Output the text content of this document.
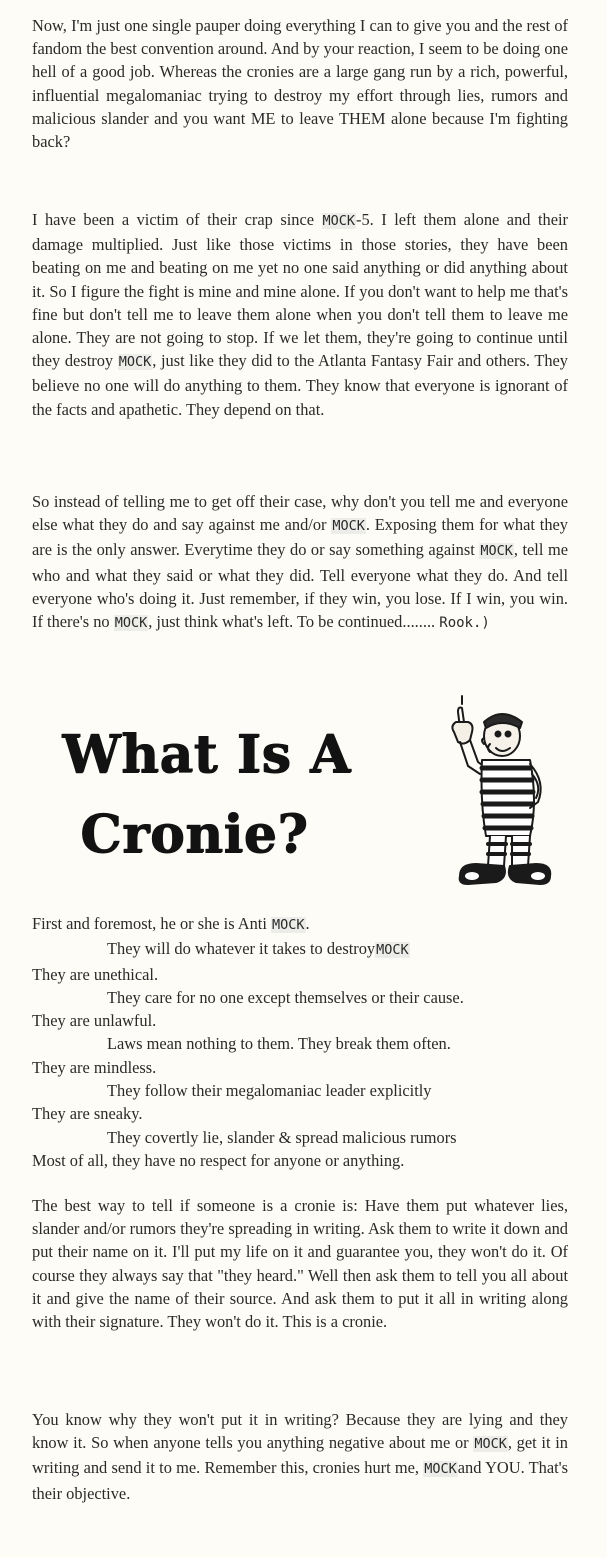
Now, I'm just one single pauper doing everything I can to give you and the rest of fandom the best convention around. And by your reaction, I seem to be doing one hell of a good job. Whereas the cronies are a large gang run by a rich, powerful, influential megalomaniac trying to destroy my effort through lies, rumors and malicious slander and you want ME to leave THEM alone because I'm fighting back?

I have been a victim of their crap since MOCK-5. I left them alone and their damage multiplied. Just like those victims in those stories, they have been beating on me and beating on me yet no one said anything or did anything about it. So I figure the fight is mine and mine alone. If you don't want to help me that's fine but don't tell me to leave them alone when you don't tell them to leave me alone. They are not going to stop. If we let them, they're going to continue until they destroy MOCK, just like they did to the Atlanta Fantasy Fair and others. They believe no one will do anything to them. They know that everyone is ignorant of the facts and apathetic. They depend on that.

So instead of telling me to get off their case, why don't you tell me and everyone else what they do and say against me and/or MOCK. Exposing them for what they are is the only answer. Everytime they do or say something against MOCK, tell me who and what they said or what they did. Tell everyone what they do. And tell everyone who's doing it. Just remember, if they win, you lose. If I win, you win. If there's no MOCK, just think what's left. To be continued........ Rook.)

What Is A
Cronie?
First and foremost, he or she is Anti MOCK.
They will do whatever it takes to destroyMOCK
They are unethical.
They care for no one except themselves or their cause.
They are unlawful.
Laws mean nothing to them. They break them often.
They are mindless.
They follow their megalomaniac leader explicitly
They are sneaky.
They covertly lie, slander & spread malicious rumors
Most of all, they have no respect for anyone or anything.

The best way to tell if someone is a cronie is: Have them put whatever lies, slander and/or rumors they're spreading in writing. Ask them to write it down and put their name on it. I'll put my life on it and guarantee you, they won't do it. Of course they always say that "they heard." Well then ask them to tell you all about it and give the name of their source. And ask them to put it all in writing along with their signature. They won't do it. This is a cronie.

You know why they won't put it in writing? Because they are lying and they know it. So when anyone tells you anything negative about me or MOCK, get it in writing and send it to me. Remember this, cronies hurt me, MOCKand YOU. That's their objective.
